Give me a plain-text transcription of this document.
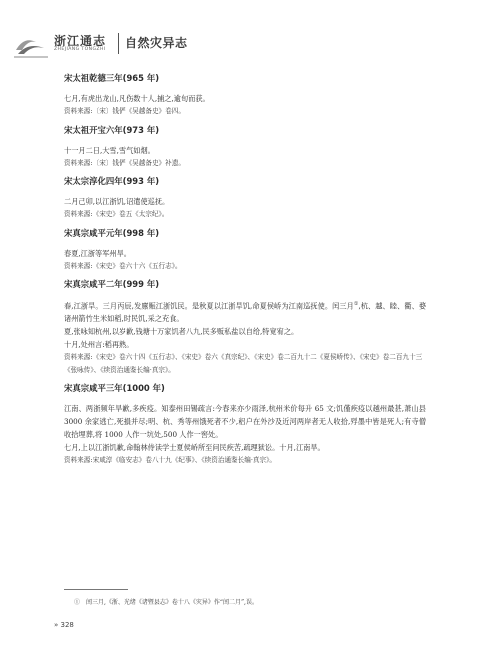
浙江通志
ZHEJIANG TONGZHI 自然灾异志

宋太祖乾德三年(965 年)

七月,有虎出龙山,凡伤数十人,捕之,逾旬而获。

资料来源:〔宋〕钱俨《吴越备史》卷四。

宋太祖开宝六年(973 年)

十一月二日,大雪,雪气如烟。

资料来源:〔宋〕钱俨《吴越备史》补遗。

宋太宗淳化四年(993 年)

二月己卯,以江浙饥,诏遣使巡抚。

资料来源:《宋史》卷五《太宗纪》。

宋真宗咸平元年(998 年)

春夏,江浙等军州旱。

资料来源:《宋史》卷六十六《五行志》。

宋真宗咸平二年(999 年)

春,江浙旱。三月丙辰,发廪赈江浙饥民。是秋夏以江浙旱饥,命夏侯峤为江南巡抚使。闰三月①,杭、越、睦、衢、婺诸州箭竹生米如稻,时民饥,采之充食。

夏,张咏知杭州,以岁歉,钱塘十万家饥者八九,民多贩私盐以自给,特宽宥之。

十月,处州言:稻再熟。

资料来源:《宋史》卷六十四《五行志》、《宋史》卷六《真宗纪》、《宋史》卷二百九十二《夏侯峤传》、《宋史》卷二百九十三《张咏传》、《续资治通鉴长编·真宗》。

宋真宗咸平三年(1000 年)

江南、两浙频年旱歉,多疾疫。知泰州田锡疏言:今春来亦少雨泽,杭州米价每升 65 文;饥僅疾疫以越州最甚,萧山县 3000 余家逃亡,死損并尽;明、杭、秀等州饿死者不少,稆户在外沙及近河两岸者无人收拾,殍墨中皆是死人;有寺僧收拾埋葬,将 1000 人作一坑处,500 人作一窖处。

七月,上以江浙饥歉,命翰林侍读学士夏侯峤所至问民疾苦,疏理狱讼。十月,江南旱。

资料来源:宋咸淳《临安志》卷八十九《纪事》、《续资治通鉴长编·真宗》。

①　闰三月,《浙、光绪《诸暨县志》卷十八《灾异》作“闰二月”,误。
» 328
